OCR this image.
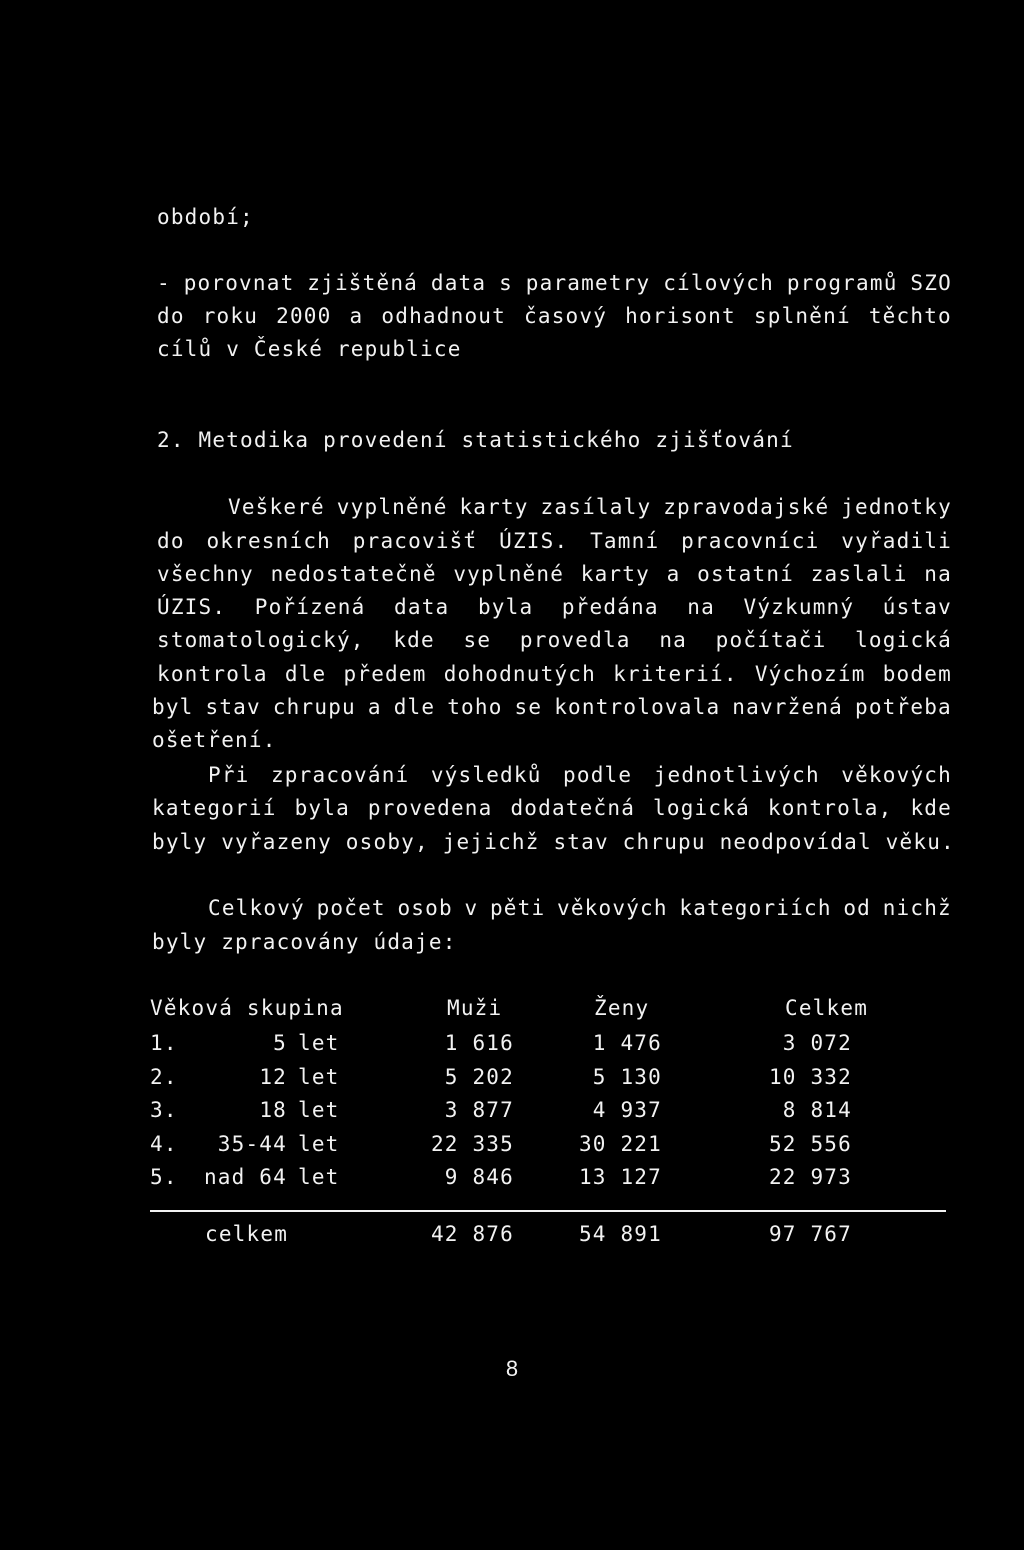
období;
- porovnat zjištěná data s parametry cílových programů SZO
do roku 2000 a odhadnout časový horisont splnění těchto
cílů v České republice
2. Metodika provedení statistického zjišťování
Veškeré vyplněné karty zasílaly zpravodajské jednotky
do okresních pracovišť ÚZIS. Tamní pracovníci vyřadili
všechny nedostatečně vyplněné karty a ostatní zaslali na
ÚZIS. Pořízená data byla předána na Výzkumný ústav
stomatologický, kde se provedla na počítači logická
kontrola dle předem dohodnutých kriterií. Výchozím bodem
byl stav chrupu a dle toho se kontrolovala navržená potřeba
ošetření.
Při zpracování výsledků podle jednotlivých věkových
kategorií byla provedena dodatečná logická kontrola, kde
byly vyřazeny osoby, jejichž stav chrupu neodpovídal věku.
Celkový počet osob v pěti věkových kategoriích od nichž
byly zpracovány údaje:
Věková skupina	Muži	Ženy	Celkem
1.	5 let	1 616	1 476	3 072
2.	12 let	5 202	5 130	10 332
3.	18 let	3 877	4 937	8 814
4. 35-44 let	22 335	30 221	52 556
5. nad 64 let	9 846	13 127	22 973
celkem	42 876	54 891	97 767
8
